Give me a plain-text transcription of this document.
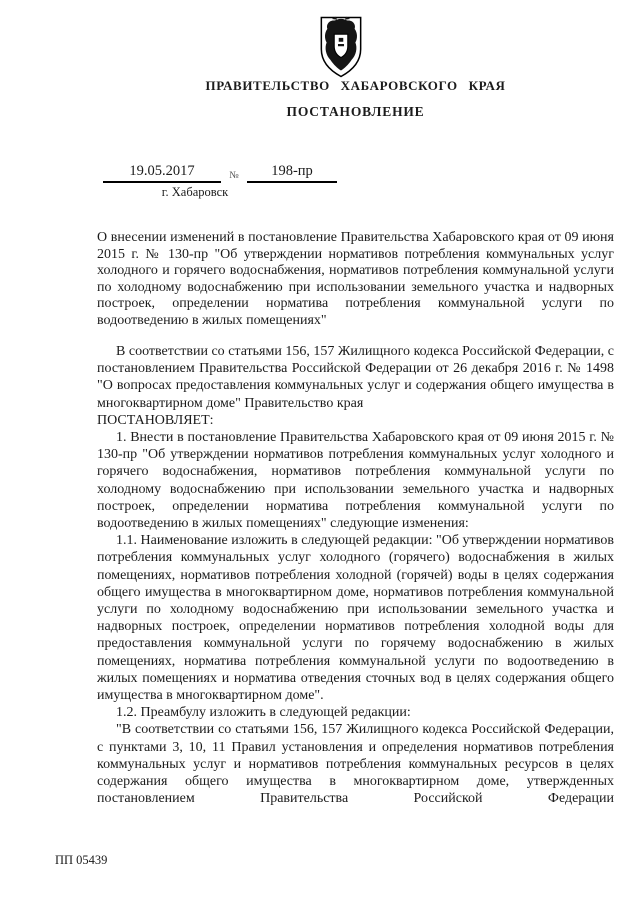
ПРАВИТЕЛЬСТВО ХАБАРОВСКОГО КРАЯ
ПОСТАНОВЛЕНИЕ
19.05.2017	№	198-пр
г. Хабаровск
О внесении изменений в постановление Правительства Хабаровского края от 09 июня 2015 г. № 130-пр "Об утверждении нормативов потребления коммунальных услуг холодного и горячего водоснабжения, нормативов потребления коммунальной услуги по холодному водоснабжению при использовании земельного участка и надворных построек, определении норматива потребления коммунальной услуги по водоотведению в жилых помещениях"

В соответствии со статьями 156, 157 Жилищного кодекса Российской Федерации, с постановлением Правительства Российской Федерации от 26 декабря 2016 г. № 1498 "О вопросах предоставления коммунальных услуг и содержания общего имущества в многоквартирном доме" Правительство края

ПОСТАНОВЛЯЕТ:

1. Внести в постановление Правительства Хабаровского края от 09 июня 2015 г. № 130-пр "Об утверждении нормативов потребления коммунальных услуг холодного и горячего водоснабжения, нормативов потребления коммунальной услуги по холодному водоснабжению при использовании земельного участка и надворных построек, определении норматива потребления коммунальной услуги по водоотведению в жилых помещениях" следующие изменения:

1.1. Наименование изложить в следующей редакции: "Об утверждении нормативов потребления коммунальных услуг холодного (горячего) водоснабжения в жилых помещениях, нормативов потребления холодной (горячей) воды в целях содержания общего имущества в многоквартирном доме, нормативов потребления коммунальной услуги по холодному водоснабжению при использовании земельного участка и надворных построек, определении нормативов потребления холодной воды для предоставления коммунальной услуги по горячему водоснабжению в жилых помещениях, норматива потребления коммунальной услуги по водоотведению в жилых помещениях и норматива отведения сточных вод в целях содержания общего имущества в многоквартирном доме".

1.2. Преамбулу изложить в следующей редакции:

"В соответствии со статьями 156, 157 Жилищного кодекса Российской Федерации, с пунктами 3, 10, 11 Правил установления и определения нормативов потребления коммунальных услуг и нормативов потребления коммунальных ресурсов в целях содержания общего имущества в многоквартирном доме, утвержденных постановлением Правительства Российской Федерации

ПП 05439
